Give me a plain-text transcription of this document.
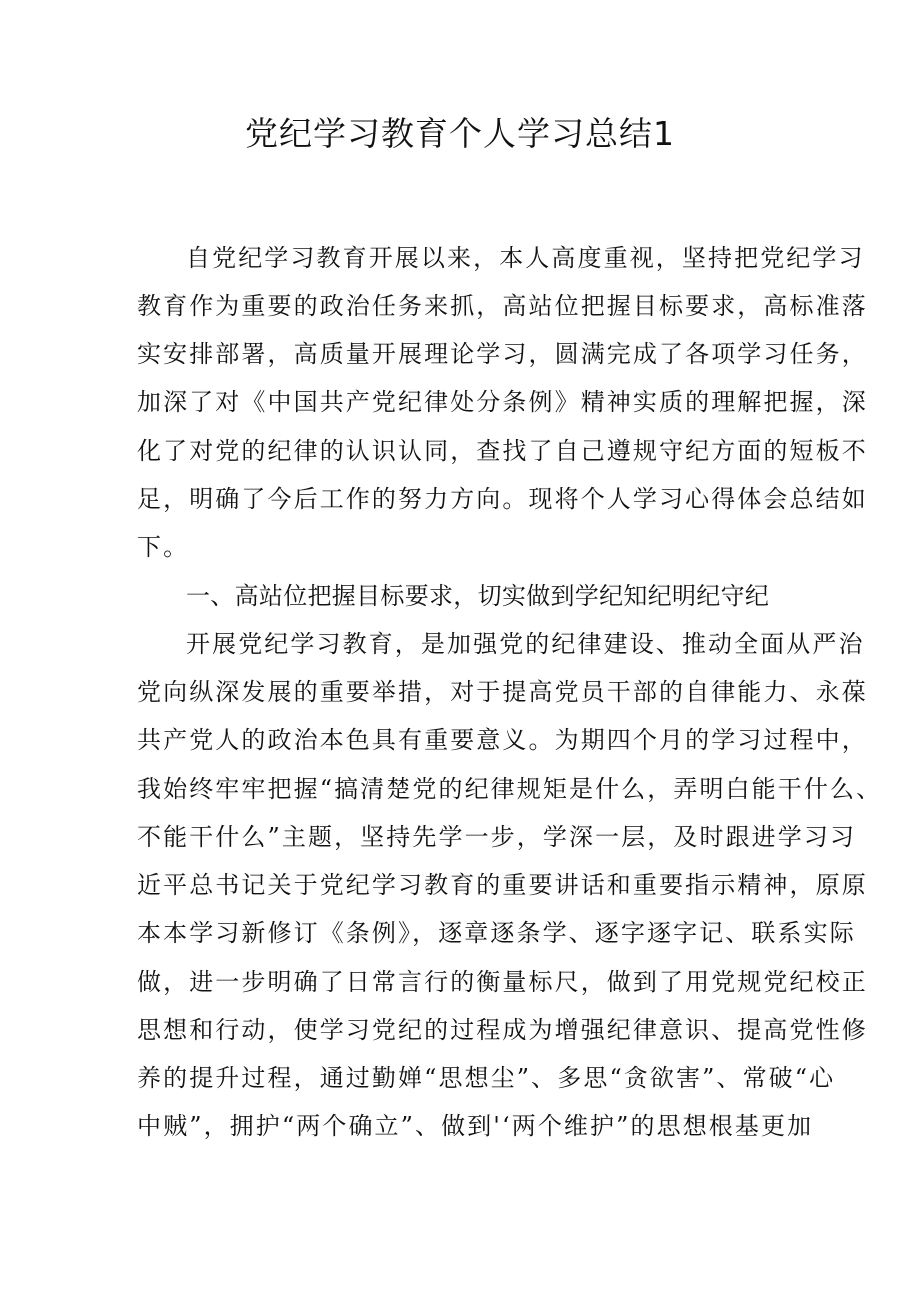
党纪学习教育个人学习总结1

自党纪学习教育开展以来，本人高度重视，坚持把党纪学习

教育作为重要的政治任务来抓，高站位把握目标要求，高标准落

实安排部署，高质量开展理论学习，圆满完成了各项学习任务，

加深了对《中国共产党纪律处分条例》精神实质的理解把握，深

化了对党的纪律的认识认同，查找了自己遵规守纪方面的短板不

足，明确了今后工作的努力方向。现将个人学习心得体会总结如

下。

一、高站位把握目标要求，切实做到学纪知纪明纪守纪

开展党纪学习教育，是加强党的纪律建设、推动全面从严治

党向纵深发展的重要举措，对于提高党员干部的自律能力、永葆

共产党人的政治本色具有重要意义。为期四个月的学习过程中，

我始终牢牢把握“搞清楚党的纪律规矩是什么，弄明白能干什么、

不能干什么”主题，坚持先学一步，学深一层，及时跟进学习习

近平总书记关于党纪学习教育的重要讲话和重要指示精神，原原

本本学习新修订《条例》，逐章逐条学、逐字逐字记、联系实际

做，进一步明确了日常言行的衡量标尺，做到了用党规党纪校正

思想和行动，使学习党纪的过程成为增强纪律意识、提高党性修

养的提升过程，通过勤婵“思想尘”、多思“贪欲害”、常破“心

中贼”，拥护“两个确立”、做到'‘两个维护”的思想根基更加
